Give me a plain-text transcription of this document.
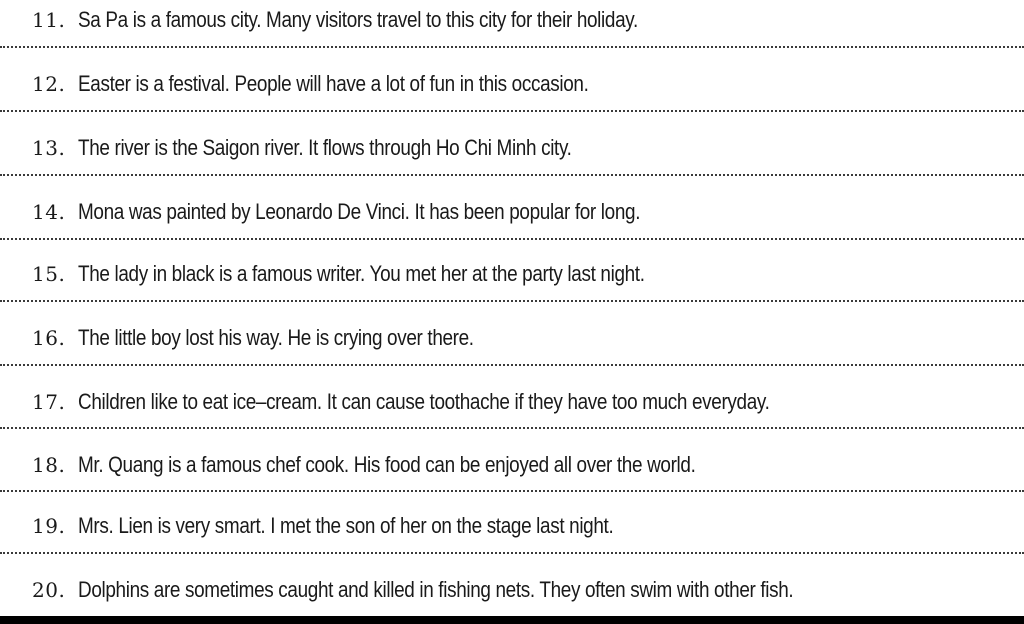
11. Sa Pa is a famous city. Many visitors travel to this city for their holiday.
12. Easter is a festival. People will have a lot of fun in this occasion.
13. The river is the Saigon river. It flows through Ho Chi Minh city.
14. Mona was painted by Leonardo De Vinci. It has been popular for long.
15. The lady in black is a famous writer. You met her at the party last night.
16. The little boy lost his way. He is crying over there.
17. Children like to eat ice–cream. It can cause toothache if they have too much everyday.
18. Mr. Quang is a famous chef cook. His food can be enjoyed all over the world.
19. Mrs. Lien is very smart. I met the son of her on the stage last night.
20. Dolphins are sometimes caught and killed in fishing nets. They often swim with other fish.
